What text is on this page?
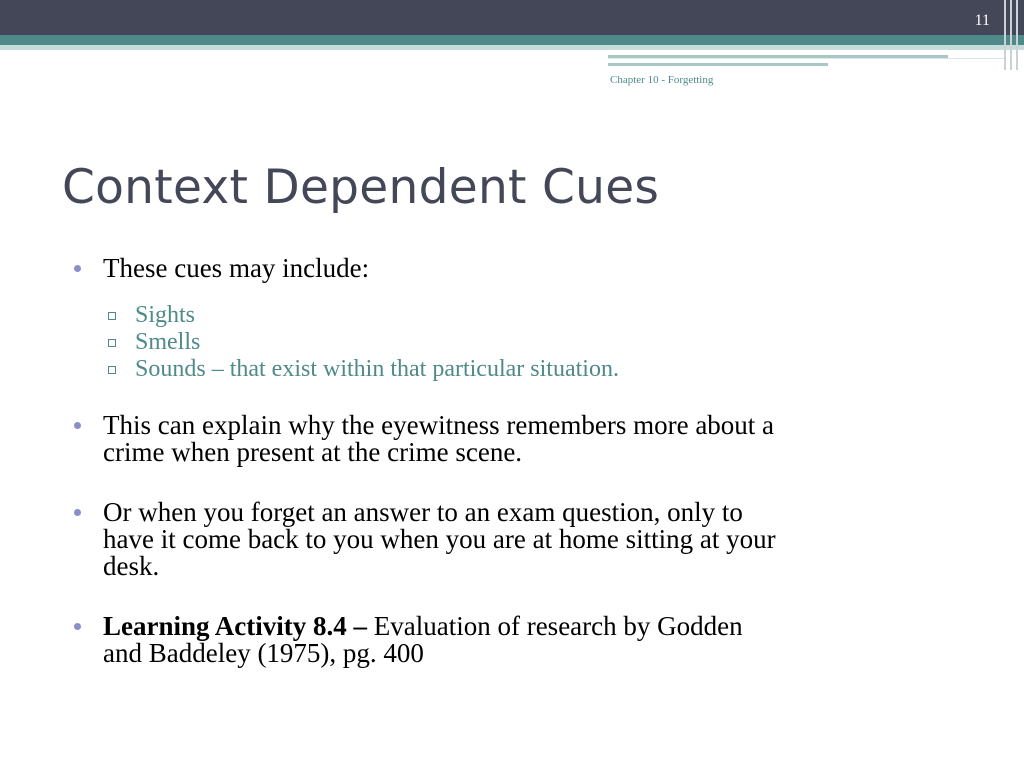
11
Chapter 10 - Forgetting
Context Dependent Cues
These cues may include:
Sights
Smells
Sounds – that exist within that particular situation.
This can explain why the eyewitness remembers more about a
crime when present at the crime scene.
Or when you forget an answer to an exam question, only to
have it come back to you when you are at home sitting at your
desk.
Learning Activity 8.4 – Evaluation of research by Godden
and Baddeley (1975), pg. 400
